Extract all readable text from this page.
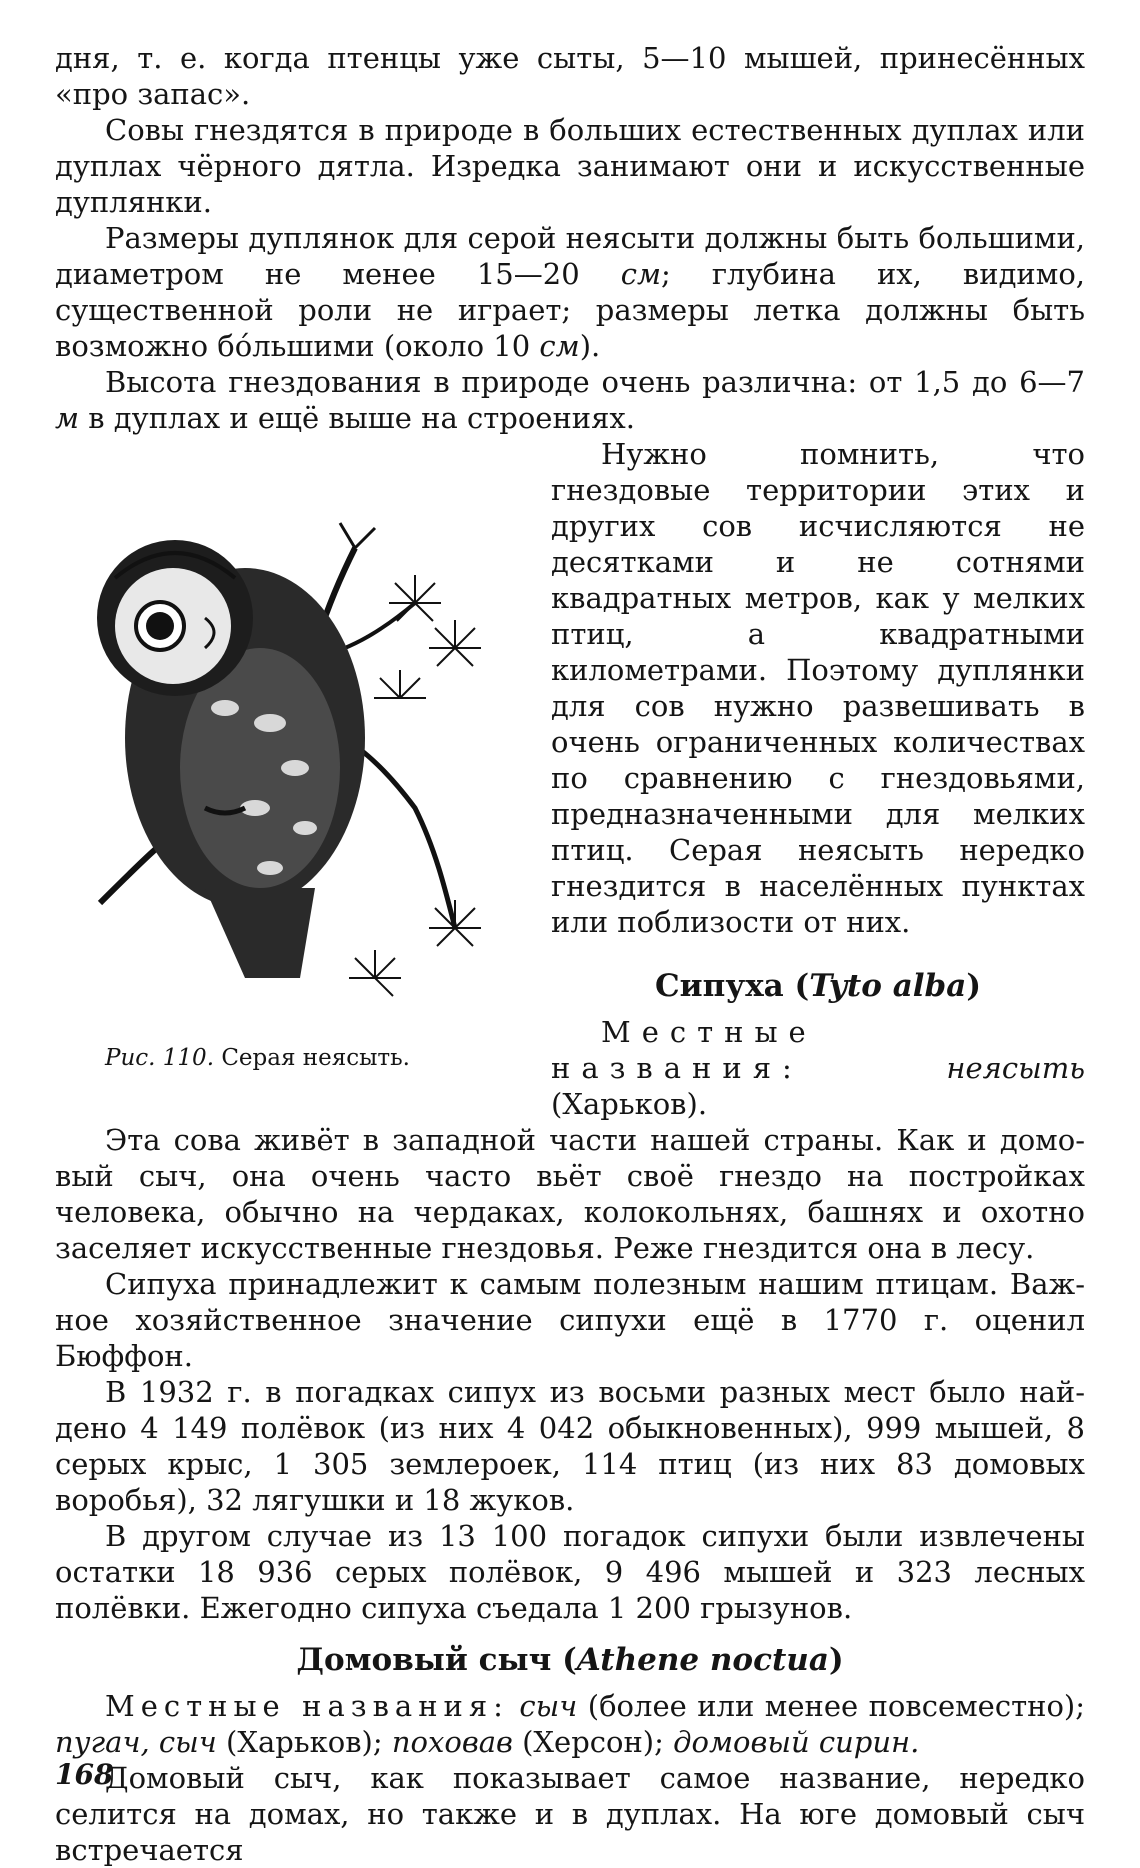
дня, т. е. когда птенцы уже сыты, 5—10 мышей, принесённых «про запас».

Совы гнездятся в природе в больших естественных дуплах или дуплах чёрного дятла. Изредка занимают они и искусственные дуплянки.

Размеры дуплянок для серой неясыти должны быть большими, диаметром не менее 15—20 см; глубина их, видимо, существенной роли не играет; размеры летка должны быть возможно бо́льшими (около 10 см).

Высота гнездования в природе очень различна: от 1,5 до 6—7 м в дуплах и ещё выше на строениях.

Рис. 110. Серая неясыть.

Нужно помнить, что гнездовые территории этих и других сов исчисляются не десятками и не сотнями квадратных метров, как у мелких птиц, а квадратными километрами. Поэтому дуплянки для сов нужно развешивать в очень ограниченных количествах по сравнению с гнездовьями, предназначенными для мелких птиц. Серая неясыть нередко гнездится в населённых пунктах или поблизости от них.

Сипуха (Tyto alba)

Местные названия:	неясыть (Харьков).

Эта сова живёт в западной части нашей страны. Как и домовый сыч, она очень часто вьёт своё гнездо на постройках человека, обычно на чердаках, колокольнях, башнях и охотно заселяет искусственные гнездовья. Реже гнездится она в лесу.

Сипуха принадлежит к самым полезным нашим птицам. Важное хозяйственное значение сипухи ещё в 1770 г. оценил Бюффон.

В 1932 г. в погадках сипух из восьми разных мест было найдено 4 149 полёвок (из них 4 042 обыкновенных), 999 мышей, 8 серых крыс, 1 305 землероек, 114 птиц (из них 83 домовых воробья), 32 лягушки и 18 жуков.

В другом случае из 13 100 погадок сипухи были извлечены остатки 18 936 серых полёвок, 9 496 мышей и 323 лесных полёвки. Ежегодно сипуха съедала 1 200 грызунов.

Домовый сыч (Athene noctua)

Местные названия: сыч (более или менее повсеместно); пугач, сыч (Харьков); поховав (Херсон); домовый сирин.

Домовый сыч, как показывает самое название, нередко селится на домах, но также и в дуплах. На юге домовый сыч встречается

168
